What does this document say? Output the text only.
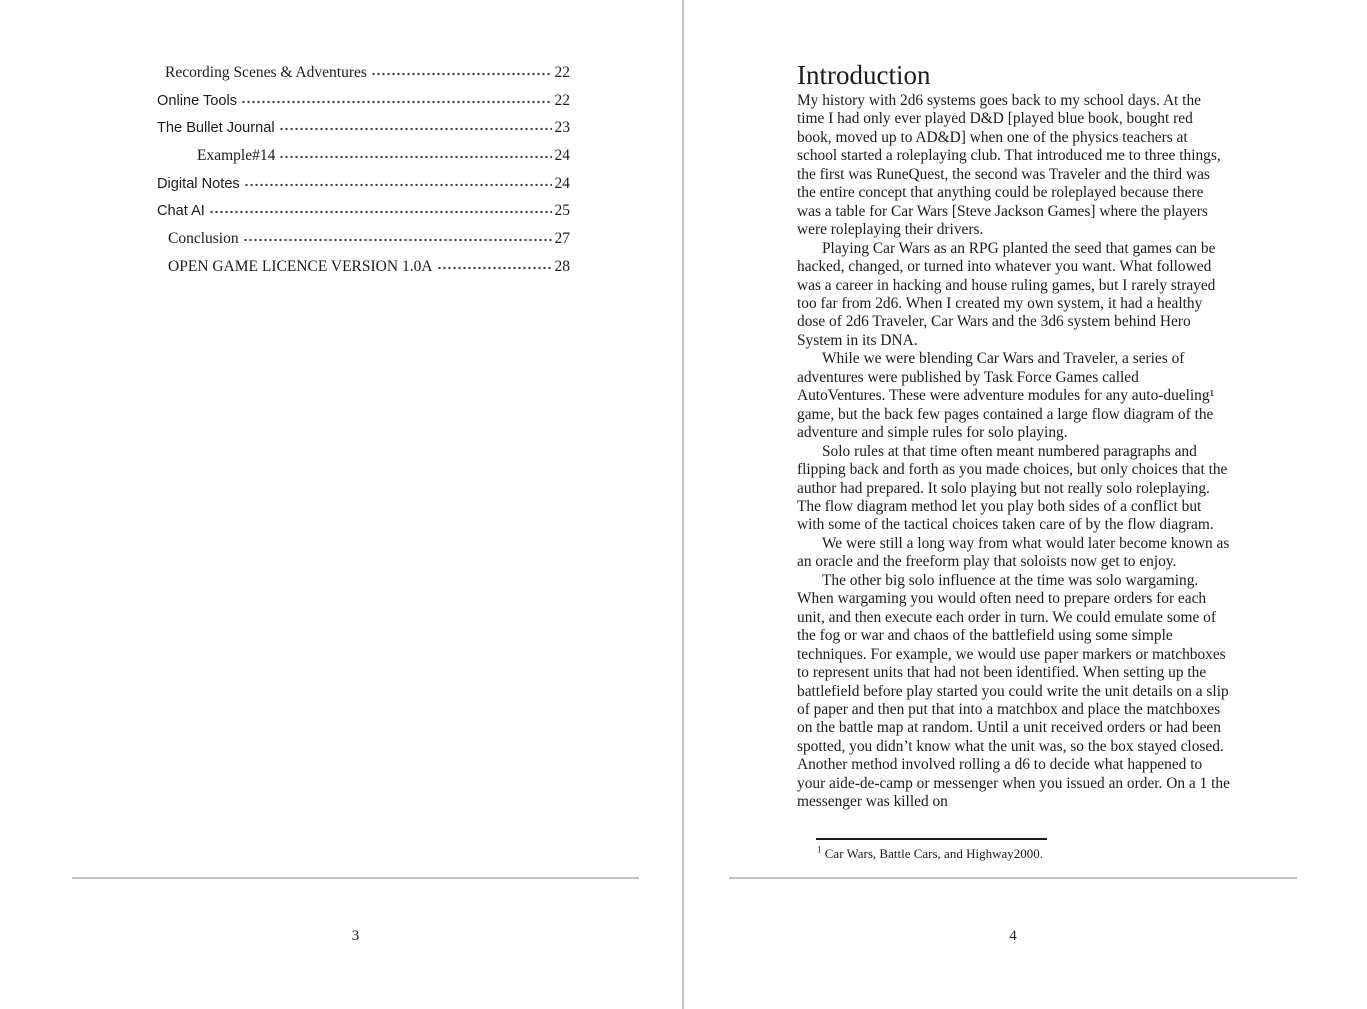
Recording Scenes & Adventures	22
Online Tools	22
The Bullet Journal	23
Example#14	24
Digital Notes	24
Chat AI	25
Conclusion	27
OPEN GAME LICENCE VERSION 1.0A	28
3
Introduction

My history with 2d6 systems goes back to my school days. At the time I had only ever played D&D [played blue book, bought red book, moved up to AD&D] when one of the physics teachers at school started a roleplaying club. That introduced me to three things, the first was RuneQuest, the second was Traveler and the third was the entire concept that anything could be roleplayed because there was a table for Car Wars [Steve Jackson Games] where the players were roleplaying their drivers.

Playing Car Wars as an RPG planted the seed that games can be hacked, changed, or turned into whatever you want. What followed was a career in hacking and house ruling games, but I rarely strayed too far from 2d6. When I created my own system, it had a healthy dose of 2d6 Traveler, Car Wars and the 3d6 system behind Hero System in its DNA.

While we were blending Car Wars and Traveler, a series of adventures were published by Task Force Games called AutoVentures. These were adventure modules for any auto-dueling¹ game, but the back few pages contained a large flow diagram of the adventure and simple rules for solo playing.

Solo rules at that time often meant numbered paragraphs and flipping back and forth as you made choices, but only choices that the author had prepared. It solo playing but not really solo roleplaying. The flow diagram method let you play both sides of a conflict but with some of the tactical choices taken care of by the flow diagram.

We were still a long way from what would later become known as an oracle and the freeform play that soloists now get to enjoy.

The other big solo influence at the time was solo wargaming. When wargaming you would often need to prepare orders for each unit, and then execute each order in turn. We could emulate some of the fog or war and chaos of the battlefield using some simple techniques. For example, we would use paper markers or matchboxes to represent units that had not been identified. When setting up the battlefield before play started you could write the unit details on a slip of paper and then put that into a matchbox and place the matchboxes on the battle map at random. Until a unit received orders or had been spotted, you didn’t know what the unit was, so the box stayed closed. Another method involved rolling a d6 to decide what happened to your aide-de-camp or messenger when you issued an order. On a 1 the messenger was killed on

$^1$ Car Wars, Battle Cars, and Highway2000.
4
